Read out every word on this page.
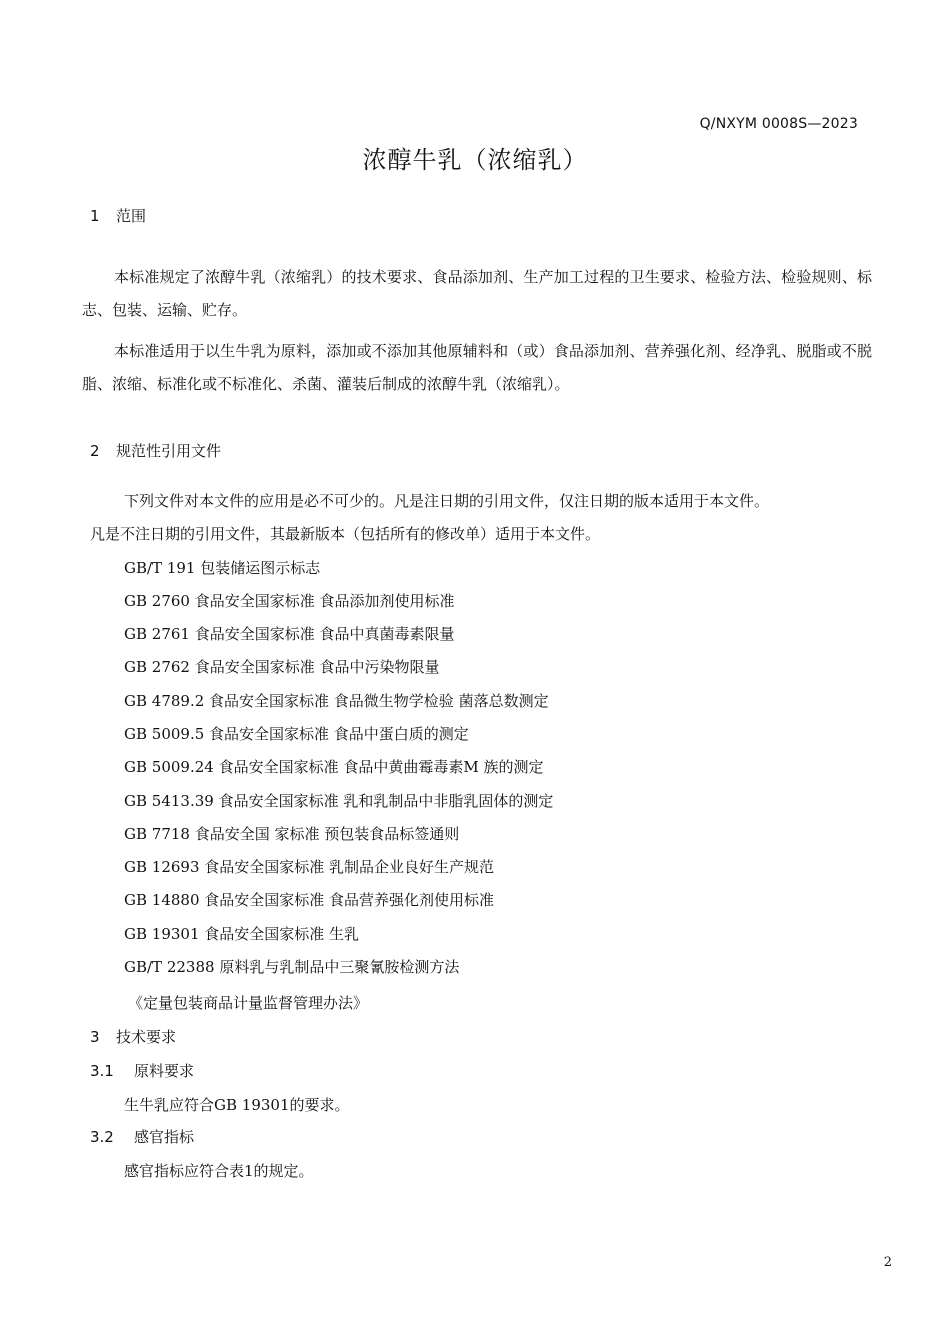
Q/NXYM 0008S—2023
浓醇牛乳（浓缩乳）
1 范围
本标准规定了浓醇牛乳（浓缩乳）的技术要求、食品添加剂、生产加工过程的卫生要求、检验方法、检验规则、标志、包装、运输、贮存。
本标准适用于以生牛乳为原料，添加或不添加其他原辅料和（或）食品添加剂、营养强化剂、经净乳、脱脂或不脱脂、浓缩、标准化或不标准化、杀菌、灌装后制成的浓醇牛乳（浓缩乳）。
2 规范性引用文件
下列文件对本文件的应用是必不可少的。凡是注日期的引用文件，仅注日期的版本适用于本文件。
凡是不注日期的引用文件，其最新版本（包括所有的修改单）适用于本文件。
GB/T 191 包装储运图示标志
GB 2760 食品安全国家标准 食品添加剂使用标准
GB 2761 食品安全国家标准 食品中真菌毒素限量
GB 2762 食品安全国家标准 食品中污染物限量
GB 4789.2 食品安全国家标准 食品微生物学检验 菌落总数测定
GB 5009.5 食品安全国家标准 食品中蛋白质的测定
GB 5009.24 食品安全国家标准 食品中黄曲霉毒素M 族的测定
GB 5413.39 食品安全国家标准 乳和乳制品中非脂乳固体的测定
GB 7718 食品安全国 家标准 预包装食品标签通则
GB 12693 食品安全国家标准 乳制品企业良好生产规范
GB 14880 食品安全国家标准 食品营养强化剂使用标准
GB 19301 食品安全国家标准 生乳
GB/T 22388 原料乳与乳制品中三聚氰胺检测方法
《定量包装商品计量监督管理办法》
3 技术要求
3.1 原料要求
生牛乳应符合GB 19301的要求。
3.2 感官指标
感官指标应符合表1的规定。
2
